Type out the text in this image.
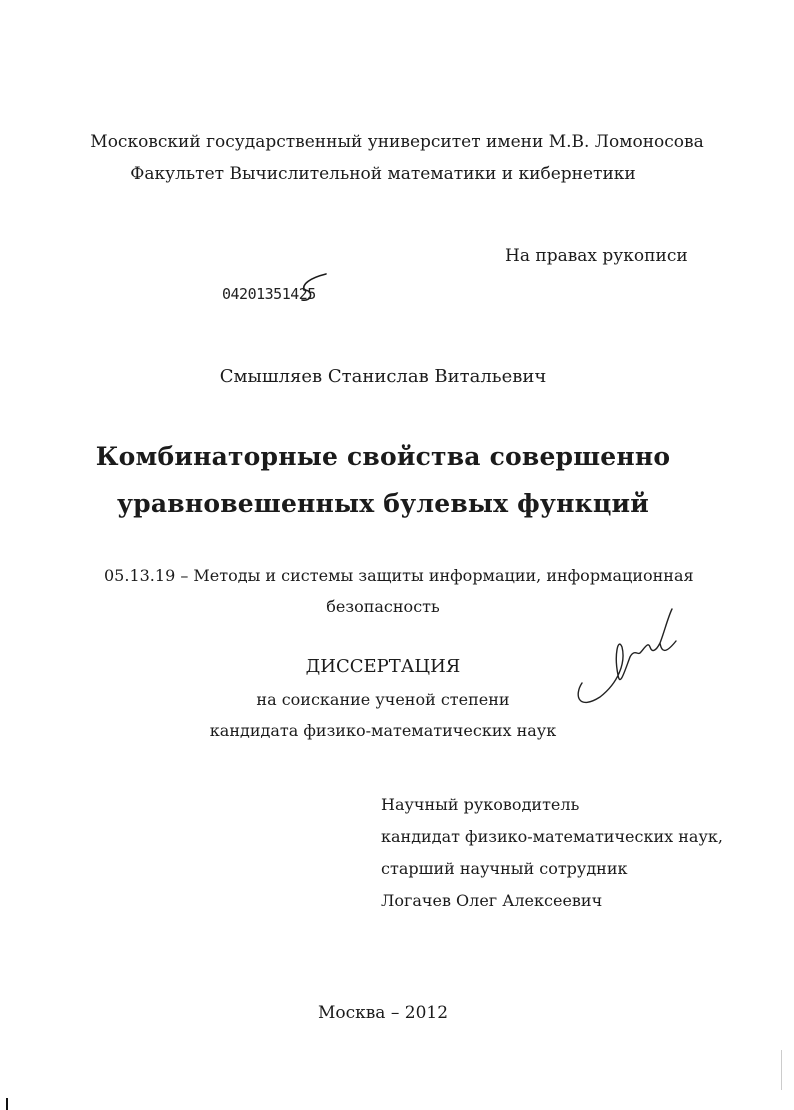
Московский государственный университет имени М.В. Ломоносова
Факультет Вычислительной математики и кибернетики
На правах рукописи
04201351425
Смышляев Станислав Витальевич
Комбинаторные свойства совершенно
уравновешенных булевых функций
05.13.19 – Методы и системы защиты информации, информационная
безопасность
ДИССЕРТАЦИЯ
на соискание ученой степени
кандидата физико-математических наук
Научный руководитель
кандидат физико-математических наук,
старший научный сотрудник
Логачев Олег Алексеевич
Москва – 2012
